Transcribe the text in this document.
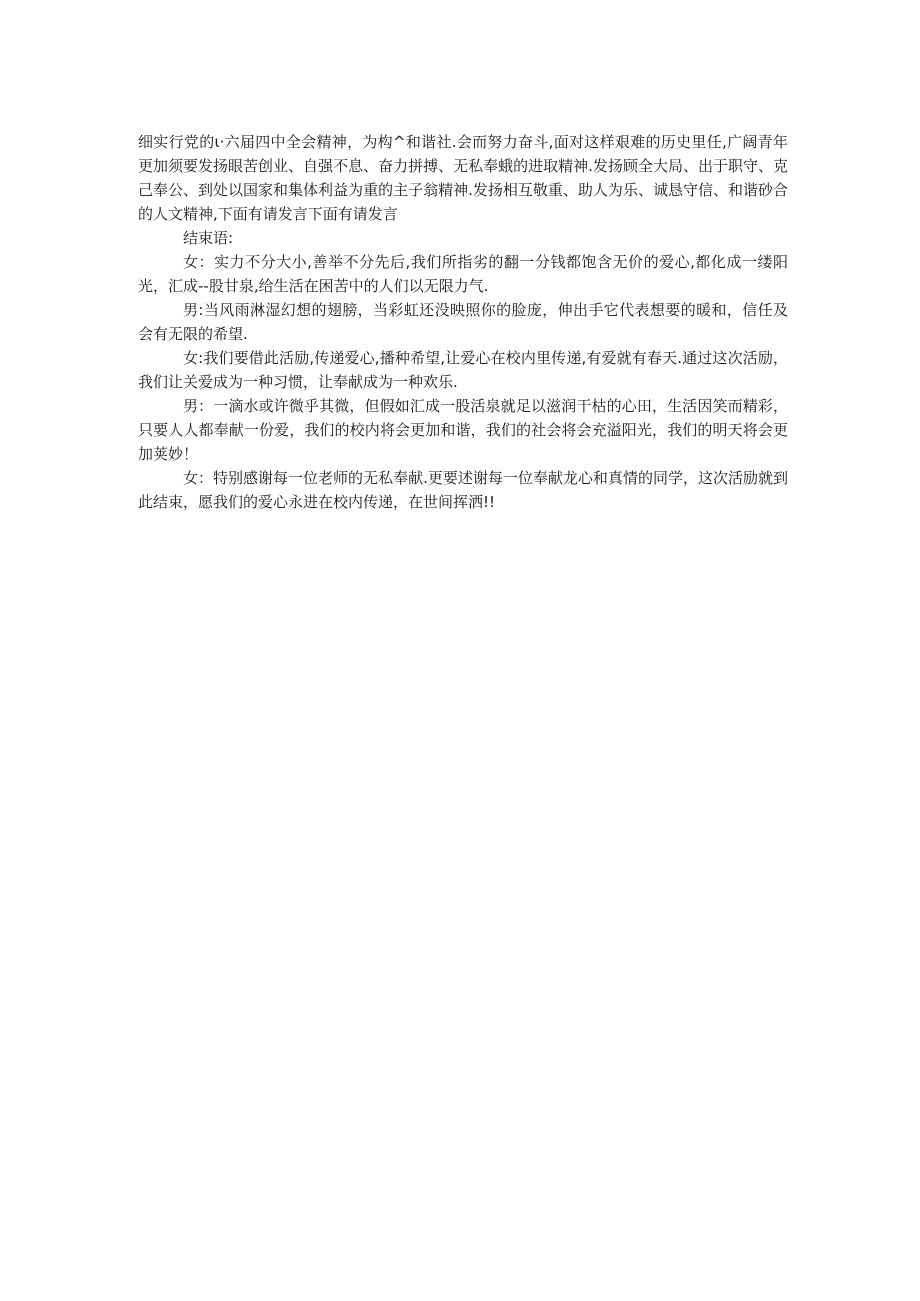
细实行党的ι·六届四中全会精神，为构^和谐社.会而努力奋斗,面对这样艰难的历史里任,广阔青年更加须要发扬眼苦创业、自强不息、奋力拼搏、无私奉蛾的进取精神.发扬顾全大局、出于职守、克己奉公、到处以国家和集体利益为重的主子翁精神.发扬相互敬重、助人为乐、诚恳守信、和谐砂合的人文精神,下面有请发言下面有请发言

结束语:

女：实力不分大小,善举不分先后,我们所指劣的翻一分钱都饱含无价的爱心,都化成一缕阳光，汇成--股甘泉,给生活在困苦中的人们以无限力气.

男:当风雨淋湿幻想的翅膀，当彩虹还没映照你的脸庞，伸出手它代表想要的暖和，信任及会有无限的希望.

女:我们要借此活励,传递爱心,播种希望,让爱心在校内里传递,有爱就有春天.通过这次活励，我们让关爱成为一种习惯，让奉献成为一种欢乐.

男：一滴水或许微乎其微，但假如汇成一股活泉就足以滋润干枯的心田，生活因笑而精彩，只要人人都奉献一份爱，我们的校内将会更加和谐，我们的社会将会充溢阳光，我们的明天将会更加荚妙！

女：特别感谢每一位老师的无私奉献.更要述谢每一位奉献龙心和真情的同学，这次活励就到此结束，愿我们的爱心永进在校内传递，在世间挥洒!!
